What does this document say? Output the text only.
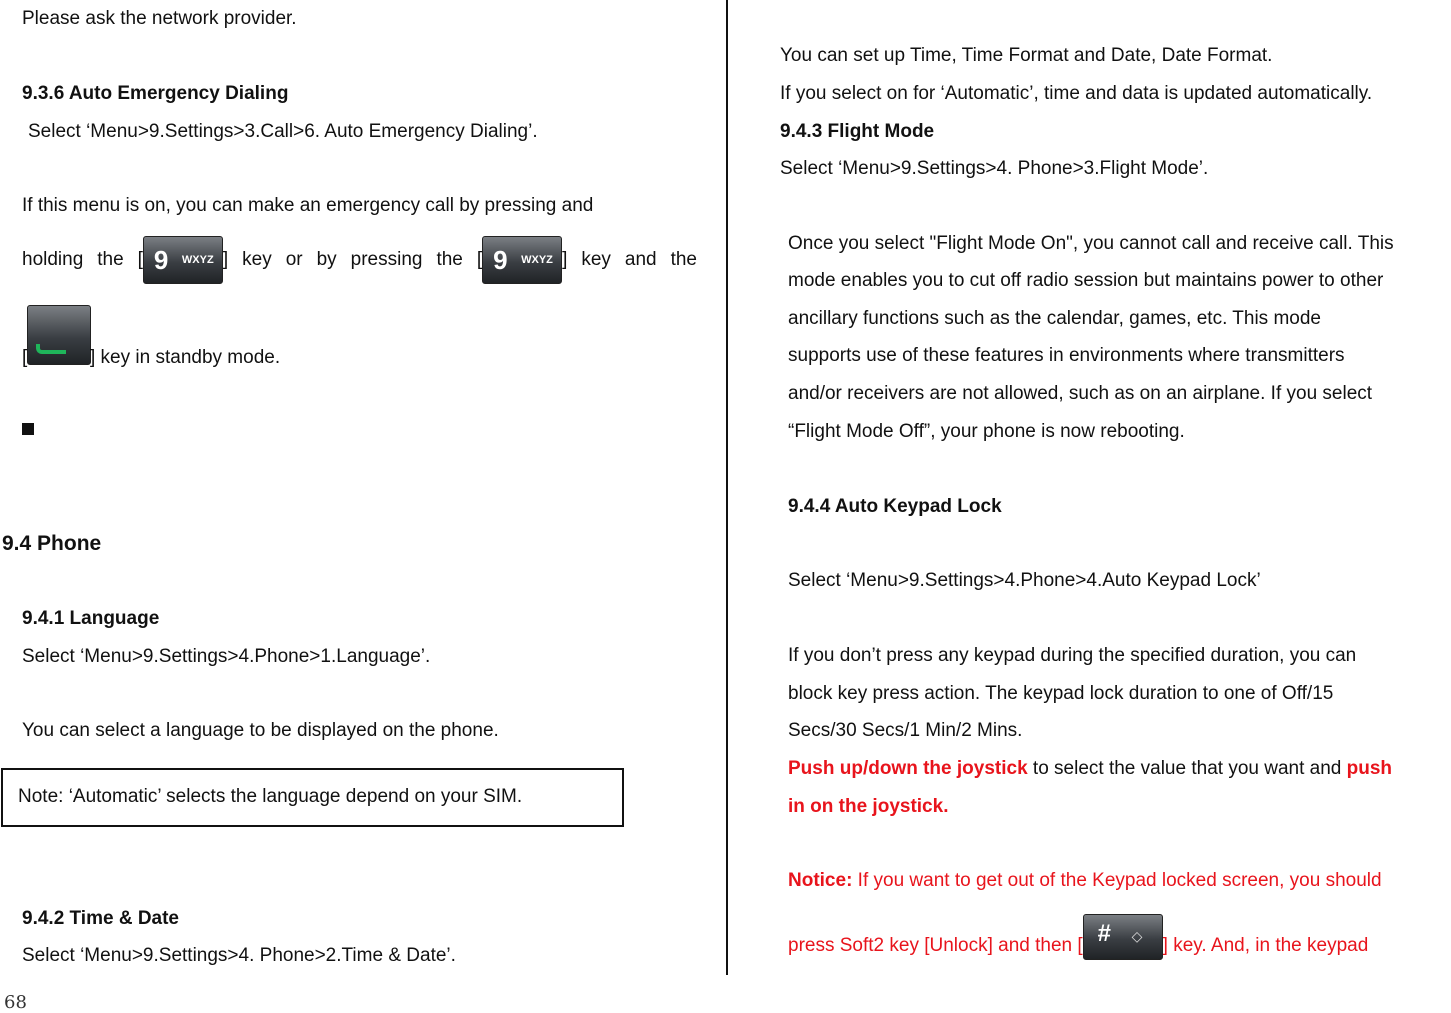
Please ask the network provider.
9.3.6 Auto Emergency Dialing
Select ‘Menu>9.Settings>3.Call>6. Auto Emergency Dialing’.
If this menu is on, you can make an emergency call by pressing and
holding the [ 9 WXYZ ] key or by pressing the [ 9 WXYZ ] key and the
[	] key in standby mode.
9.4 Phone
9.4.1 Language
Select ‘Menu>9.Settings>4.Phone>1.Language’.
You can select a language to be displayed on the phone.
Note: ‘Automatic’ selects the language depend on your SIM.
9.4.2 Time & Date
Select ‘Menu>9.Settings>4. Phone>2.Time & Date’.
You can set up Time, Time Format and Date, Date Format.
If you select on for ‘Automatic’, time and data is updated automatically.
9.4.3 Flight Mode
Select ‘Menu>9.Settings>4. Phone>3.Flight Mode’.
Once you select "Flight Mode On", you cannot call and receive call. This
mode enables you to cut off radio session but maintains power to other
ancillary functions such as the calendar, games, etc. This mode
supports use of these features in environments where transmitters
and/or receivers are not allowed, such as on an airplane. If you select
“Flight Mode Off”, your phone is now rebooting.
9.4.4 Auto Keypad Lock
Select ‘Menu>9.Settings>4.Phone>4.Auto Keypad Lock’
If you don’t press any keypad during the specified duration, you can
block key press action. The keypad lock duration to one of Off/15
Secs/30 Secs/1 Min/2 Mins.
Push up/down the joystick to select the value that you want and push
in on the joystick.
Notice: If you want to get out of the Keypad locked screen, you should
press Soft2 key [Unlock] and then [ # ◇ ] key. And, in the keypad
68
